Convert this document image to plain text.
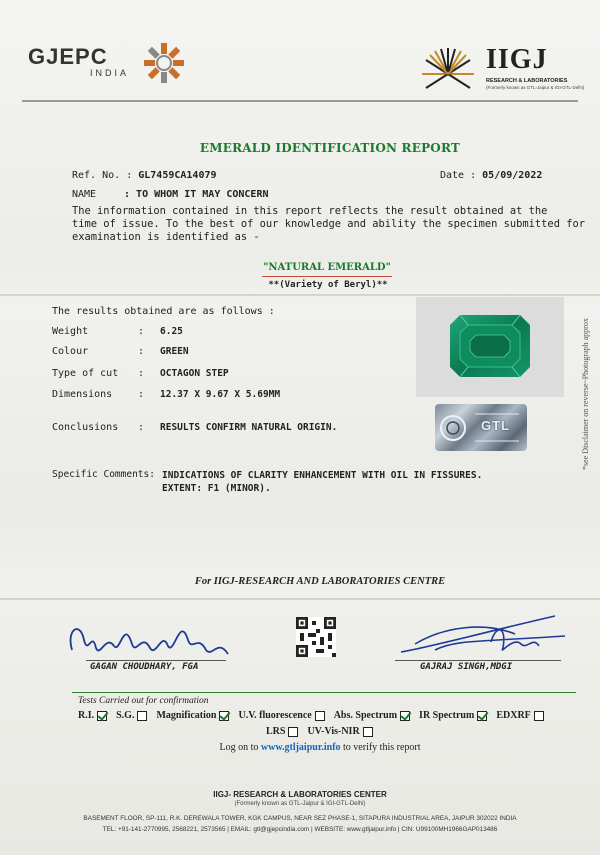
GJEPC
INDIA	IIGJ
RESEARCH & LABORATORIES
(Formerly known as GTL-Jaipur & IGI-GTL-Delhi)
EMERALD IDENTIFICATION REPORT
Ref. No. : GL7459CA14079	Date : 05/09/2022
NAME	: TO WHOM IT MAY CONCERN
The information contained in this report reflects the result obtained at the
time of issue. To the best of our knowledge and ability the specimen submitted for
examination is identified as -
"NATURAL EMERALD"
**(Variety of Beryl)**
The results obtained are as follows :
Weight	: 6.25
Colour	: GREEN
Type of cut : OCTAGON STEP
Dimensions	: 12.37 X 9.67 X 5.69MM
Conclusions : RESULTS CONFIRM NATURAL ORIGIN.	GTL	*see Disclaimer on reverse~Photograph approx
Specific Comments: INDICATIONS OF CLARITY ENHANCEMENT WITH OIL IN FISSURES.
EXTENT: F1 (MINOR).
For IIGJ-RESEARCH AND LABORATORIES CENTRE
GAGAN CHOUDHARY, FGA	GAJRAJ SINGH,MDGI
Tests Carried out for confirmation
R.I. S.G. Magnification U.V. fluorescence Abs. Spectrum IR Spectrum EDXRF
LRS UV-Vis-NIR
Log on to www.gtljaipur.info to verify this report
IIGJ- RESEARCH & LABORATORIES CENTER
(Formerly known as GTL-Jaipur & IGI-GTL-Delhi)
BASEMENT FLOOR, SP-111, R.K. DEREWALA TOWER, KGK CAMPUS, NEAR SEZ PHASE-1, SITAPURA INDUSTRIAL AREA, JAIPUR 302022 INDIA
TEL: +91-141-2770995, 2568221, 2573565 | EMAIL: gtl@gjepcindia.com | WEBSITE: www.gtljaipur.info | CIN: U99100MH1966GAP013486
